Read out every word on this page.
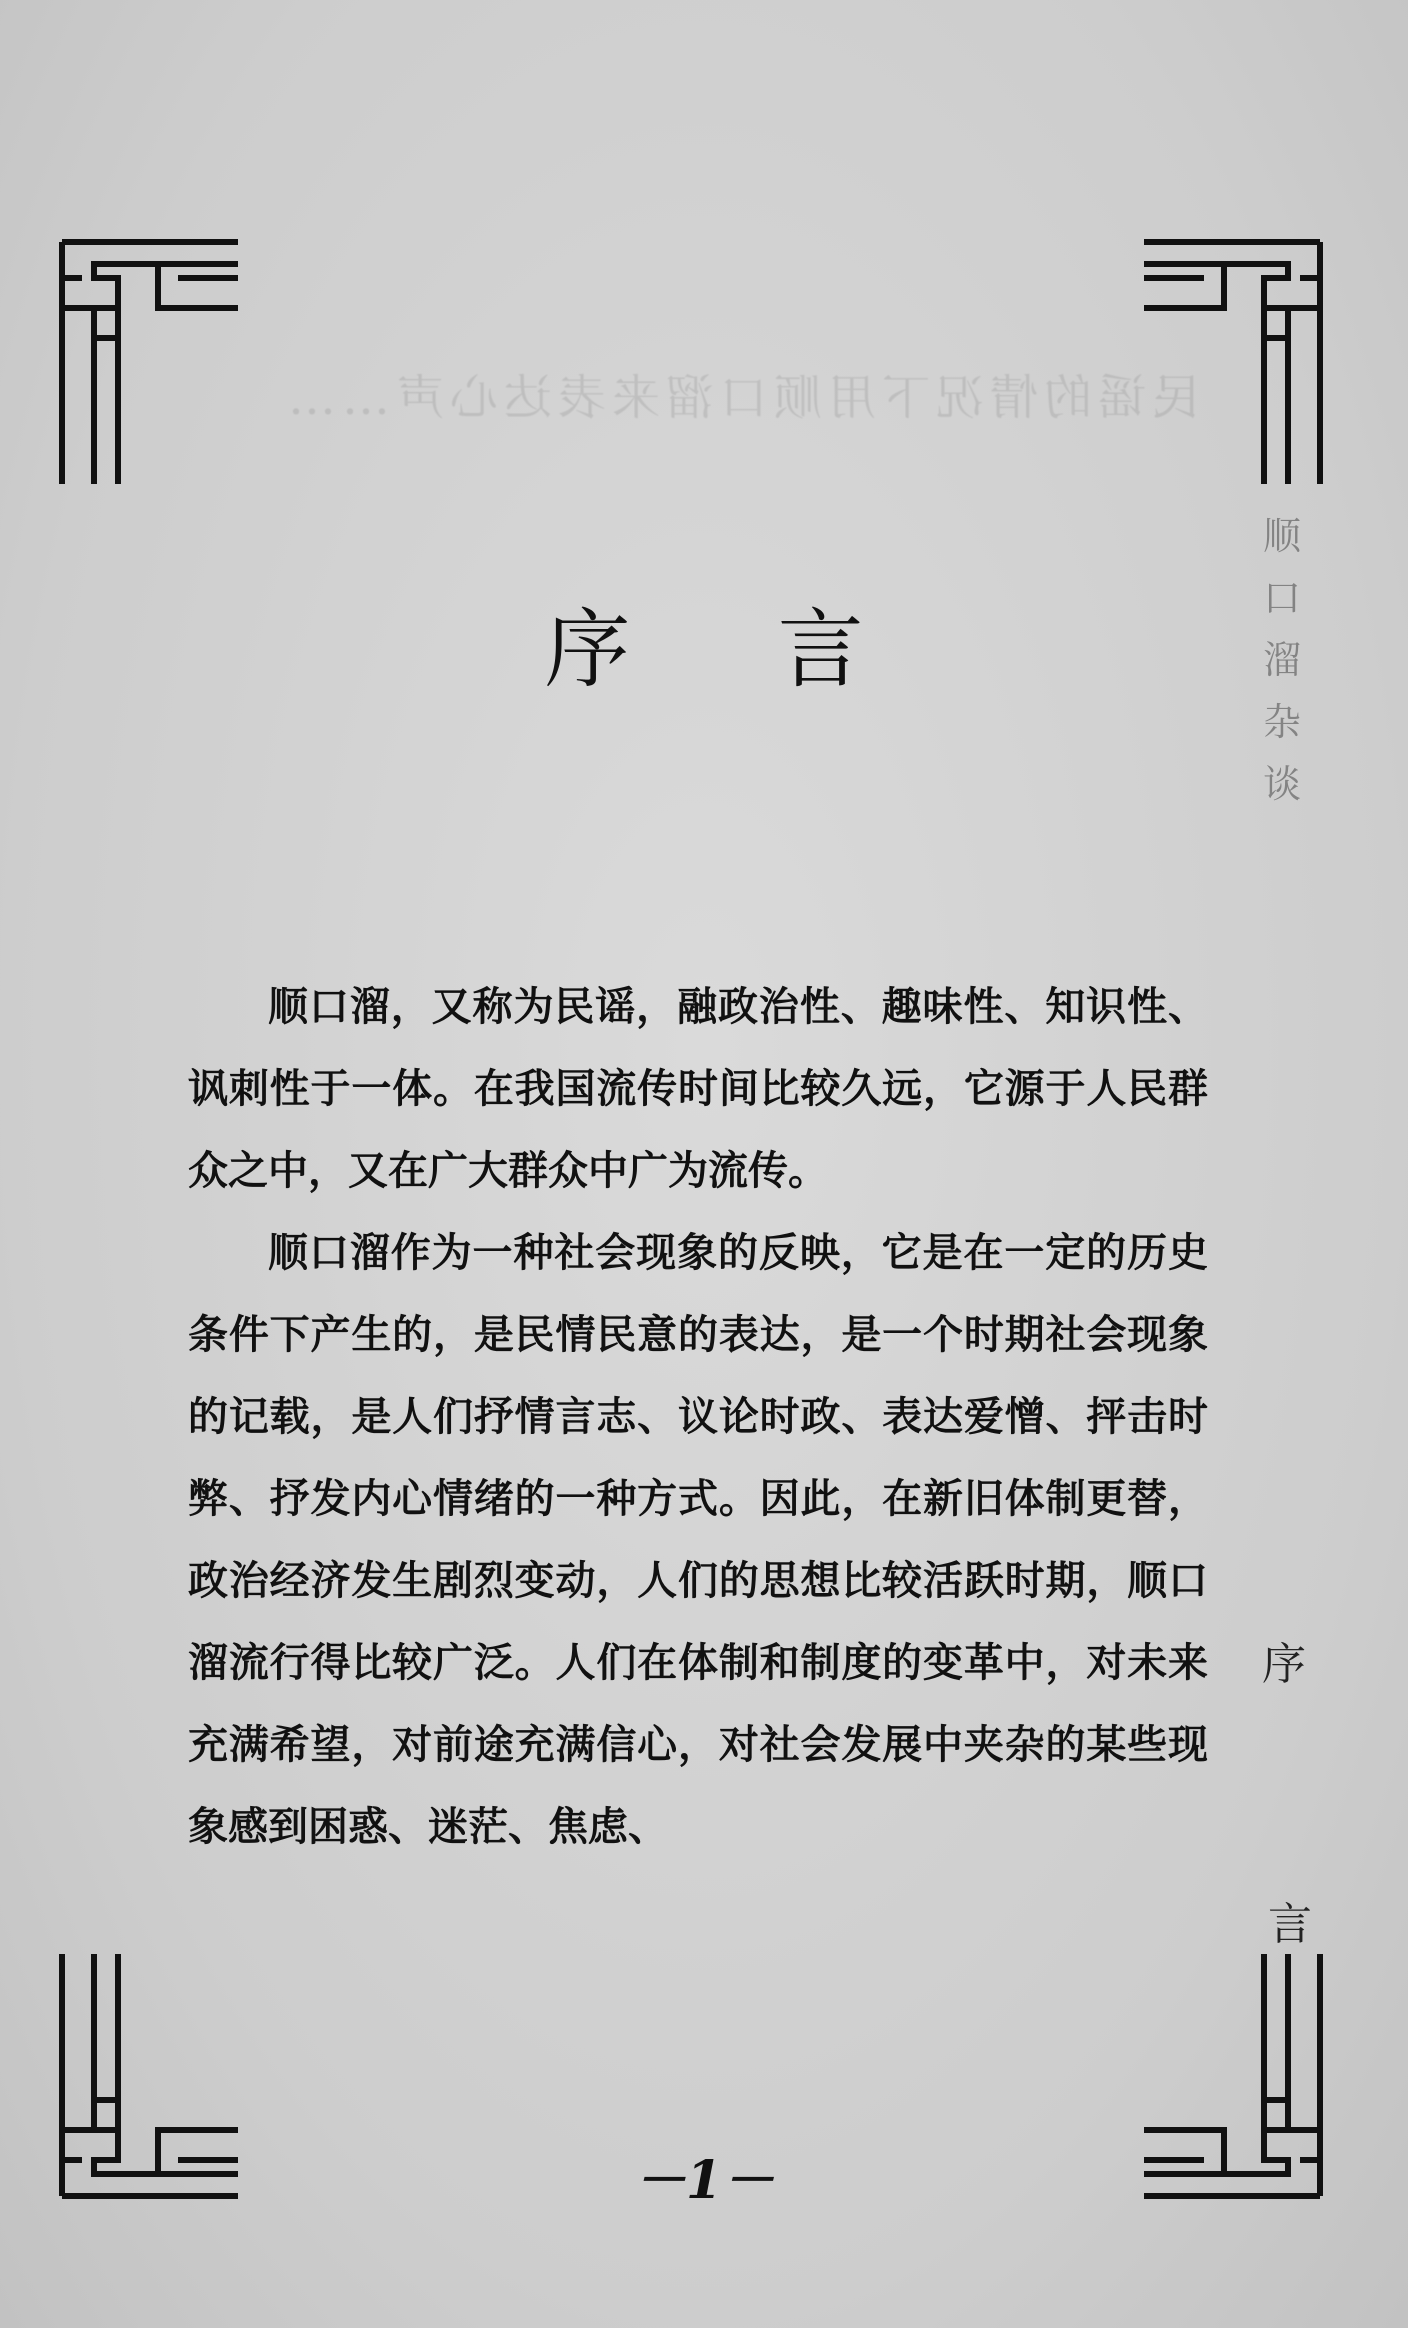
民谣的情况下用顺口溜来表达心声……
序 言

顺口溜，又称为民谣，融政治性、趣味性、知识性、讽刺性于一体。在我国流传时间比较久远，它源于人民群众之中，又在广大群众中广为流传。

顺口溜作为一种社会现象的反映，它是在一定的历史条件下产生的，是民情民意的表达，是一个时期社会现象的记载，是人们抒情言志、议论时政、表达爱憎、抨击时弊、抒发内心情绪的一种方式。因此，在新旧体制更替，政治经济发生剧烈变动，人们的思想比较活跃时期，顺口溜流行得比较广泛。人们在体制和制度的变革中，对未来充满希望，对前途充满信心，对社会发展中夹杂的某些现象感到困惑、迷茫、焦虑、

顺
口
溜
杂
谈
序
言
－1－
